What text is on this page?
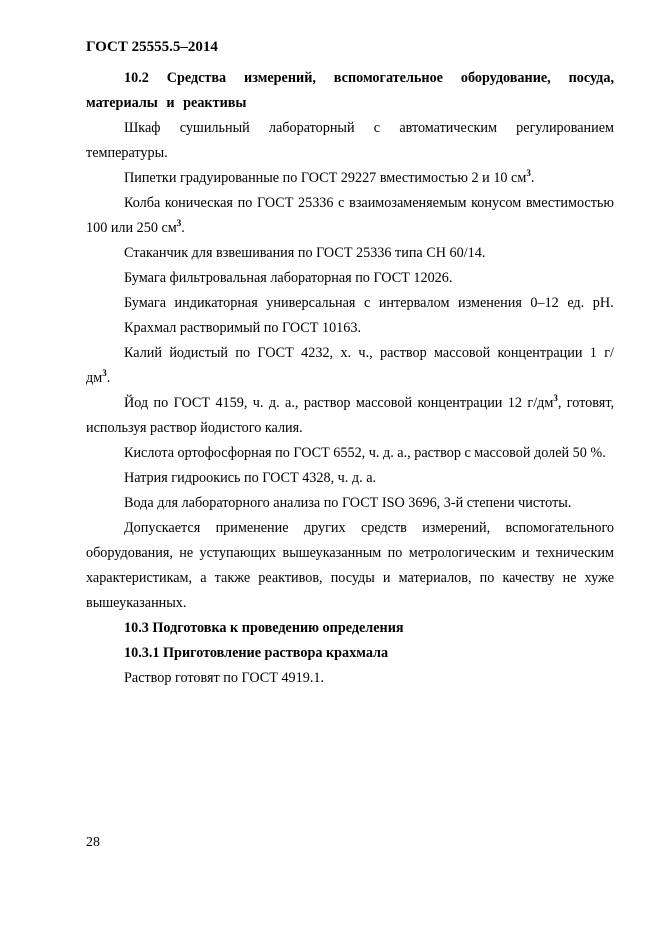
ГОСТ 25555.5–2014

10.2 Средства измерений, вспомогательное оборудование, посуда, материалы и реактивы

Шкаф сушильный лабораторный с автоматическим регулированием температуры.

Пипетки градуированные по ГОСТ 29227 вместимостью 2 и 10 $см^3$.

Колба коническая по ГОСТ 25336 с взаимозаменяемым конусом вместимостью 100 или 250 $см^3$.

Стаканчик для взвешивания по ГОСТ 25336 типа СН 60/14.

Бумага фильтровальная лабораторная по ГОСТ 12026.

Бумага индикаторная универсальная с интервалом изменения 0–12 ед. рН.

Крахмал растворимый по ГОСТ 10163.

Калий йодистый по ГОСТ 4232, х. ч., раствор массовой концентрации 1 $г/дм^3$.

Йод по ГОСТ 4159, ч. д. а., раствор массовой концентрации 12 $г/дм^3$, готовят, используя раствор йодистого калия.

Кислота ортофосфорная по ГОСТ 6552, ч. д. а., раствор с массовой долей 50 %.

Натрия гидроокись по ГОСТ 4328, ч. д. а.

Вода для лабораторного анализа по ГОСТ ISO 3696, 3-й степени чистоты.

Допускается применение других средств измерений, вспомогательного оборудования, не уступающих вышеуказанным по метрологическим и техническим характеристикам, а также реактивов, посуды и материалов, по качеству не хуже вышеуказанных.

10.3 Подготовка к проведению определения

10.3.1 Приготовление раствора крахмала

Раствор готовят по ГОСТ 4919.1.

28
